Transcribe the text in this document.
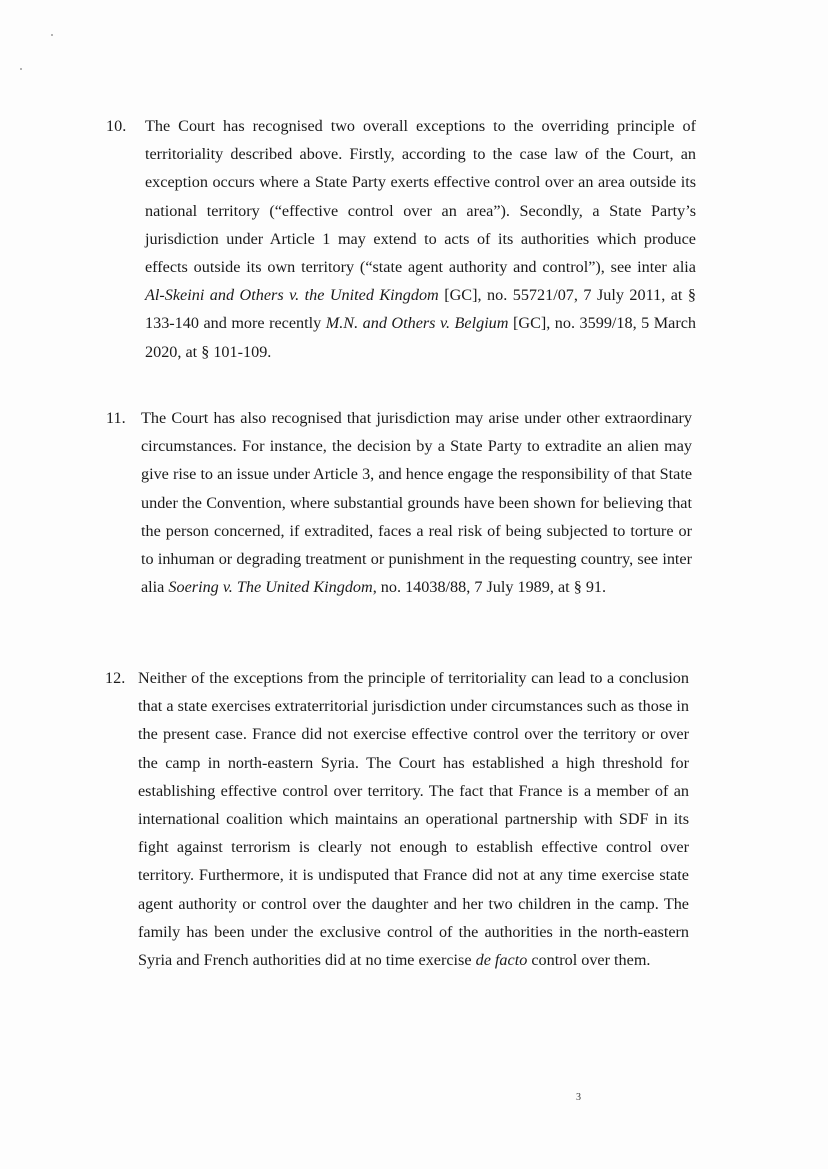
10. The Court has recognised two overall exceptions to the overriding principle of territoriality described above. Firstly, according to the case law of the Court, an exception occurs where a State Party exerts effective control over an area outside its national territory (“effective control over an area”). Secondly, a State Party’s jurisdiction under Article 1 may extend to acts of its authorities which produce effects outside its own territory (“state agent authority and control”), see inter alia Al-Skeini and Others v. the United Kingdom [GC], no. 55721/07, 7 July 2011, at § 133-140 and more recently M.N. and Others v. Belgium [GC], no. 3599/18, 5 March 2020, at § 101-109.
11. The Court has also recognised that jurisdiction may arise under other extraordinary circumstances. For instance, the decision by a State Party to extradite an alien may give rise to an issue under Article 3, and hence engage the responsibility of that State under the Convention, where substantial grounds have been shown for believing that the person concerned, if extradited, faces a real risk of being subjected to torture or to inhuman or degrading treatment or punishment in the requesting country, see inter alia Soering v. The United Kingdom, no. 14038/88, 7 July 1989, at § 91.
12. Neither of the exceptions from the principle of territoriality can lead to a conclusion that a state exercises extraterritorial jurisdiction under circumstances such as those in the present case. France did not exercise effective control over the territory or over the camp in north-eastern Syria. The Court has established a high threshold for establishing effective control over territory. The fact that France is a member of an international coalition which maintains an operational partnership with SDF in its fight against terrorism is clearly not enough to establish effective control over territory. Furthermore, it is undisputed that France did not at any time exercise state agent authority or control over the daughter and her two children in the camp. The family has been under the exclusive control of the authorities in the north-eastern Syria and French authorities did at no time exercise de facto control over them.
3
